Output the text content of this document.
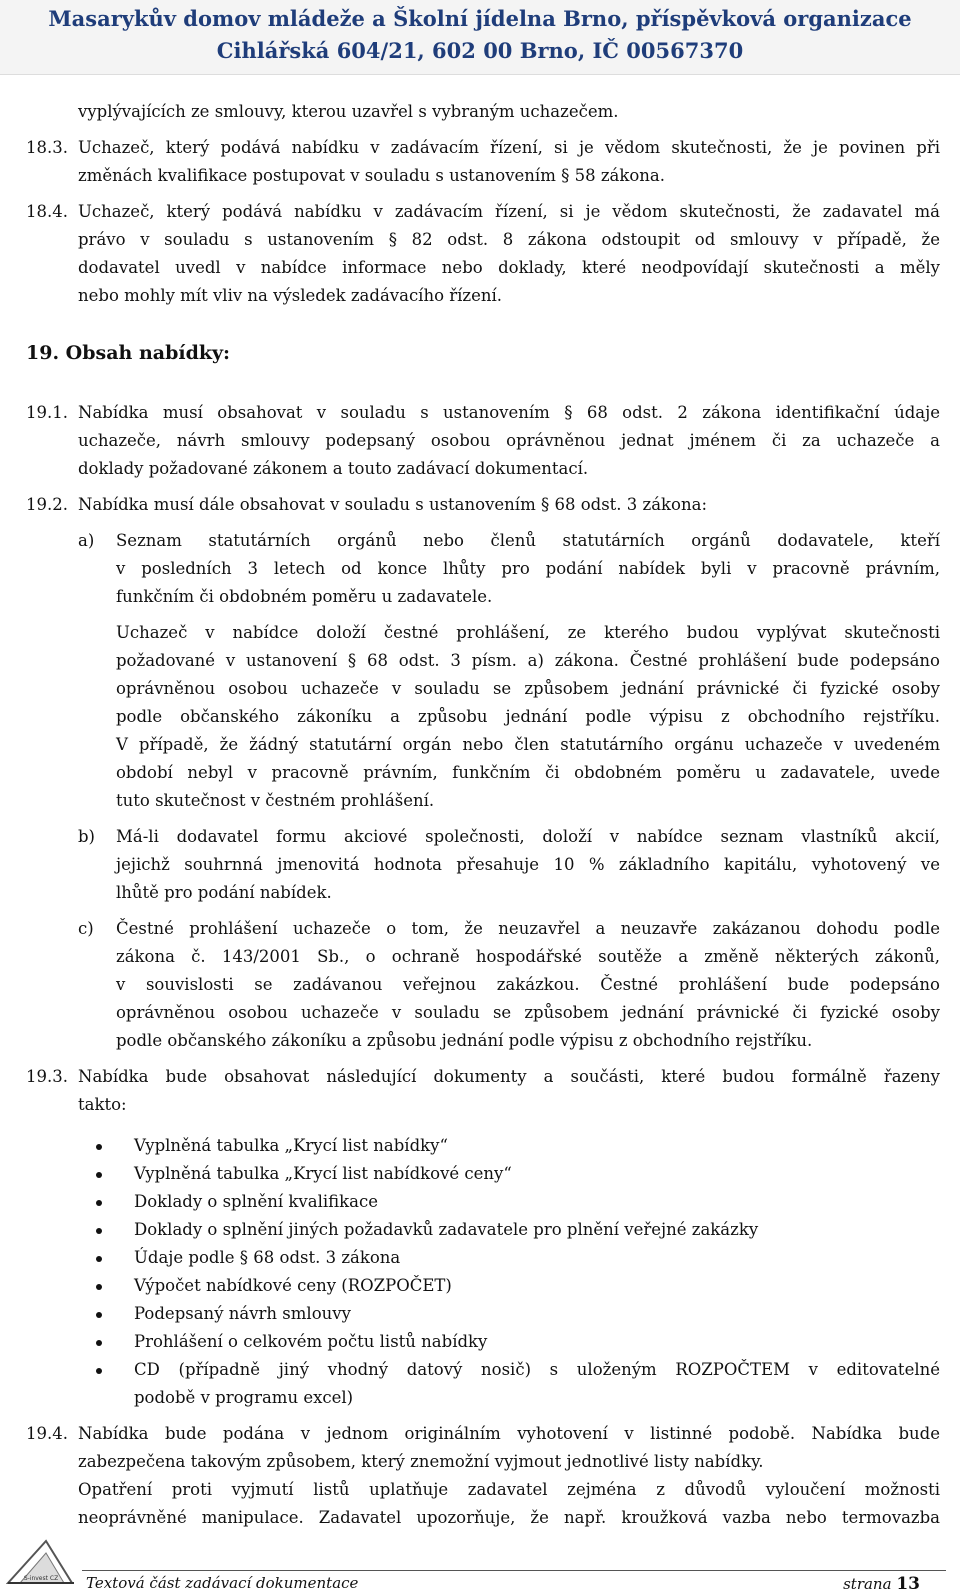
Masarykův domov mládeže a Školní jídelna Brno, příspěvková organizace
Cihlářská 604/21, 602 00 Brno, IČ 00567370
vyplývajících ze smlouvy, kterou uzavřel s vybraným uchazečem.
18.3. Uchazeč, který podává nabídku v zadávacím řízení, si je vědom skutečnosti, že je povinen při
změnách kvalifikace postupovat v souladu s ustanovením § 58 zákona.
18.4. Uchazeč, který podává nabídku v zadávacím řízení, si je vědom skutečnosti, že zadavatel má
právo v souladu s ustanovením § 82 odst. 8 zákona odstoupit od smlouvy v případě, že
dodavatel uvedl v nabídce informace nebo doklady, které neodpovídají skutečnosti a měly
nebo mohly mít vliv na výsledek zadávacího řízení.
19. Obsah nabídky:
19.1. Nabídka musí obsahovat v souladu s ustanovením § 68 odst. 2 zákona identifikační údaje
uchazeče, návrh smlouvy podepsaný osobou oprávněnou jednat jménem či za uchazeče a
doklady požadované zákonem a touto zadávací dokumentací.
19.2. Nabídka musí dále obsahovat v souladu s ustanovením § 68 odst. 3 zákona:
a) Seznam statutárních orgánů nebo členů statutárních orgánů dodavatele, kteří
v posledních 3 letech od konce lhůty pro podání nabídek byli v pracovně právním,
funkčním či obdobném poměru u zadavatele.
Uchazeč v nabídce doloží čestné prohlášení, ze kterého budou vyplývat skutečnosti
požadované v ustanovení § 68 odst. 3 písm. a) zákona. Čestné prohlášení bude podepsáno
oprávněnou osobou uchazeče v souladu se způsobem jednání právnické či fyzické osoby
podle občanského zákoníku a způsobu jednání podle výpisu z obchodního rejstříku.
V případě, že žádný statutární orgán nebo člen statutárního orgánu uchazeče v uvedeném
období nebyl v pracovně právním, funkčním či obdobném poměru u zadavatele, uvede
tuto skutečnost v čestném prohlášení.
b) Má-li dodavatel formu akciové společnosti, doloží v nabídce seznam vlastníků akcií,
jejichž souhrnná jmenovitá hodnota přesahuje 10 % základního kapitálu, vyhotovený ve
lhůtě pro podání nabídek.
c) Čestné prohlášení uchazeče o tom, že neuzavřel a neuzavře zakázanou dohodu podle
zákona č. 143/2001 Sb., o ochraně hospodářské soutěže a změně některých zákonů,
v souvislosti se zadávanou veřejnou zakázkou. Čestné prohlášení bude podepsáno
oprávněnou osobou uchazeče v souladu se způsobem jednání právnické či fyzické osoby
podle občanského zákoníku a způsobu jednání podle výpisu z obchodního rejstříku.
19.3. Nabídka bude obsahovat následující dokumenty a součásti, které budou formálně řazeny
takto:
Vyplněná tabulka „Krycí list nabídky“
Vyplněná tabulka „Krycí list nabídkové ceny“
Doklady o splnění kvalifikace
Doklady o splnění jiných požadavků zadavatele pro plnění veřejné zakázky
Údaje podle § 68 odst. 3 zákona
Výpočet nabídkové ceny (ROZPOČET)
Podepsaný návrh smlouvy
Prohlášení o celkovém počtu listů nabídky
CD (případně jiný vhodný datový nosič) s uloženým ROZPOČTEM v editovatelné
podobě v programu excel)
19.4. Nabídka bude podána v jednom originálním vyhotovení v listinné podobě. Nabídka bude
zabezpečena takovým způsobem, který znemožní vyjmout jednotlivé listy nabídky.
Opatření proti vyjmutí listů uplatňuje zadavatel zejména z důvodů vyloučení možnosti
neoprávněné manipulace. Zadavatel upozorňuje, že např. kroužková vazba nebo termovazba
S-invest CZ	Textová část zadávací dokumentace	strana 13
